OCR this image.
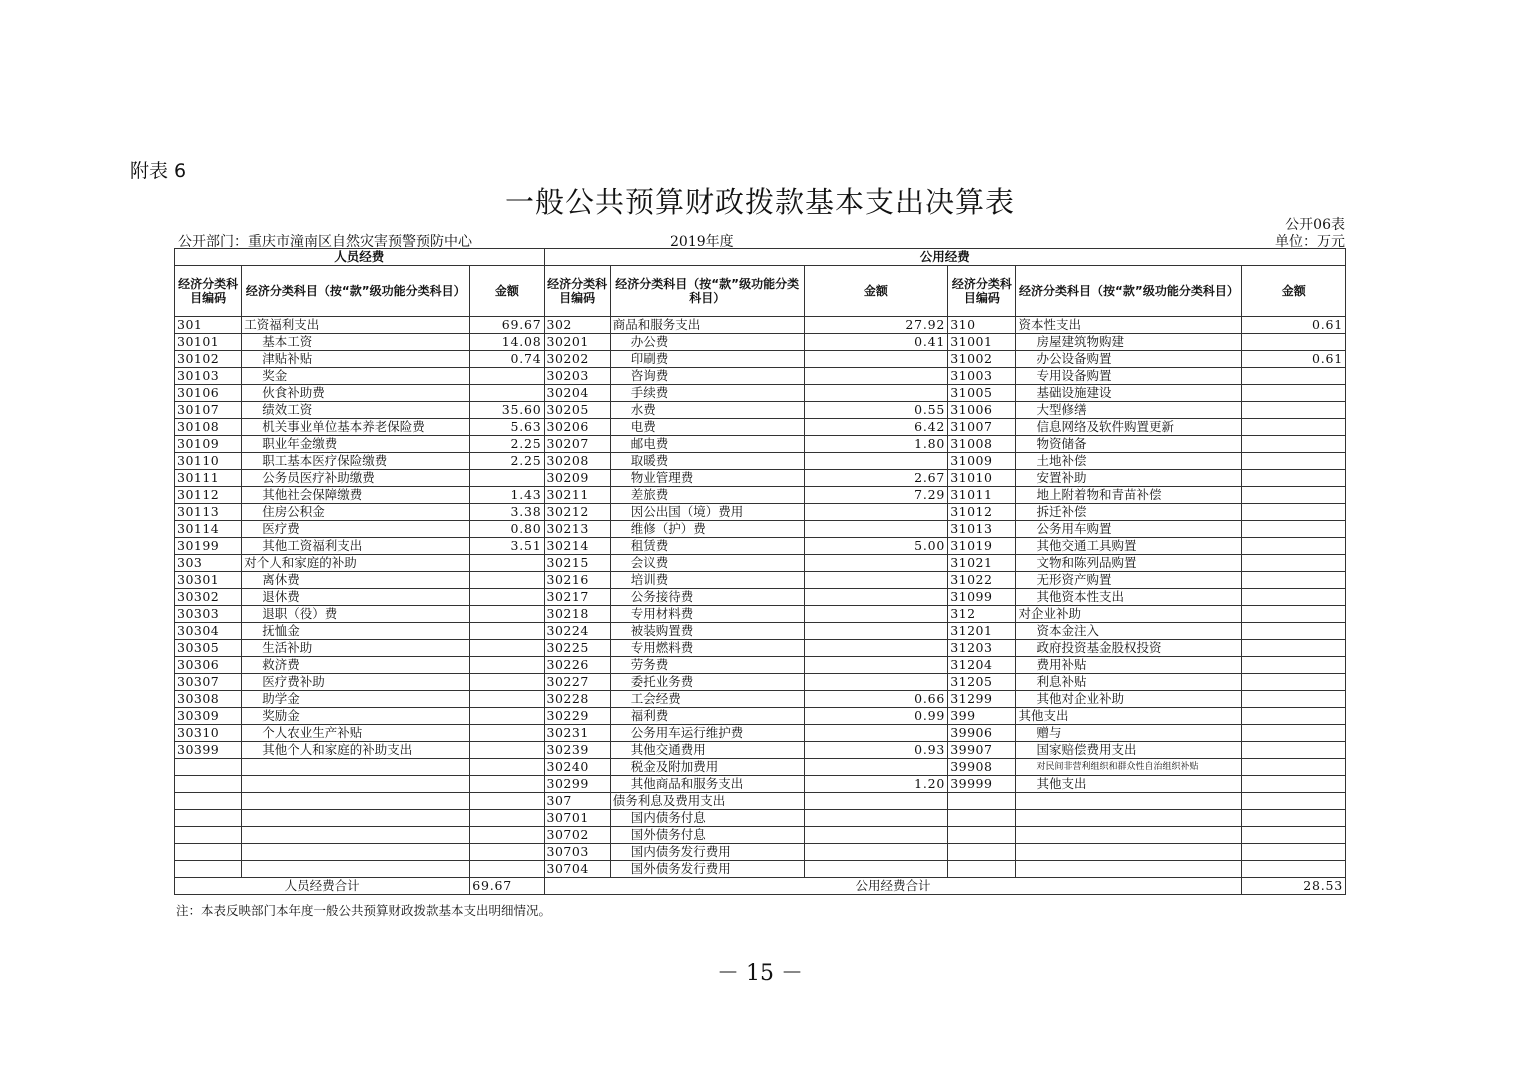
附表 6
一般公共预算财政拨款基本支出决算表
公开06表
公开部门：重庆市潼南区自然灾害预警预防中心	2019年度	单位：万元
人员经费			公用经费					
经济分类科目编码	经济分类科目（按“款”级功能分类科目）	金额	经济分类科目编码	经济分类科目（按“款”级功能分类科目）	金额	经济分类科目编码	经济分类科目（按“款”级功能分类科目）	金额
301	工资福利支出	69.67	302	商品和服务支出	27.92	310	资本性支出	0.61
30101	基本工资	14.08	30201	办公费	0.41	31001	房屋建筑物购建	
30102	津贴补贴	0.74	30202	印刷费		31002	办公设备购置	0.61
30103	奖金		30203	咨询费		31003	专用设备购置	
30106	伙食补助费		30204	手续费		31005	基础设施建设	
30107	绩效工资	35.60	30205	水费	0.55	31006	大型修缮	
30108	机关事业单位基本养老保险费	5.63	30206	电费	6.42	31007	信息网络及软件购置更新	
30109	职业年金缴费	2.25	30207	邮电费	1.80	31008	物资储备	
30110	职工基本医疗保险缴费	2.25	30208	取暖费		31009	土地补偿	
30111	公务员医疗补助缴费		30209	物业管理费	2.67	31010	安置补助	
30112	其他社会保障缴费	1.43	30211	差旅费	7.29	31011	地上附着物和青苗补偿	
30113	住房公积金	3.38	30212	因公出国（境）费用		31012	拆迁补偿	
30114	医疗费	0.80	30213	维修（护）费		31013	公务用车购置	
30199	其他工资福利支出	3.51	30214	租赁费	5.00	31019	其他交通工具购置	
303	对个人和家庭的补助		30215	会议费		31021	文物和陈列品购置	
30301	离休费		30216	培训费		31022	无形资产购置	
30302	退休费		30217	公务接待费		31099	其他资本性支出	
30303	退职（役）费		30218	专用材料费		312	对企业补助	
30304	抚恤金		30224	被装购置费		31201	资本金注入	
30305	生活补助		30225	专用燃料费		31203	政府投资基金股权投资	
30306	救济费		30226	劳务费		31204	费用补贴	
30307	医疗费补助		30227	委托业务费		31205	利息补贴	
30308	助学金		30228	工会经费	0.66	31299	其他对企业补助	
30309	奖励金		30229	福利费	0.99	399	其他支出	
30310	个人农业生产补贴		30231	公务用车运行维护费		39906	赠与	
30399	其他个人和家庭的补助支出		30239	其他交通费用	0.93	39907	国家赔偿费用支出	
			30240	税金及附加费用		39908	对民间非营利组织和群众性自治组织补贴	
			30299	其他商品和服务支出	1.20	39999	其他支出	
			307	债务利息及费用支出				
			30701	国内债务付息				
			30702	国外债务付息				
			30703	国内债务发行费用				
			30704	国外债务发行费用				
人员经费合计		69.67	公用经费合计					28.53
注：本表反映部门本年度一般公共预算财政拨款基本支出明细情况。
－ 15 －
